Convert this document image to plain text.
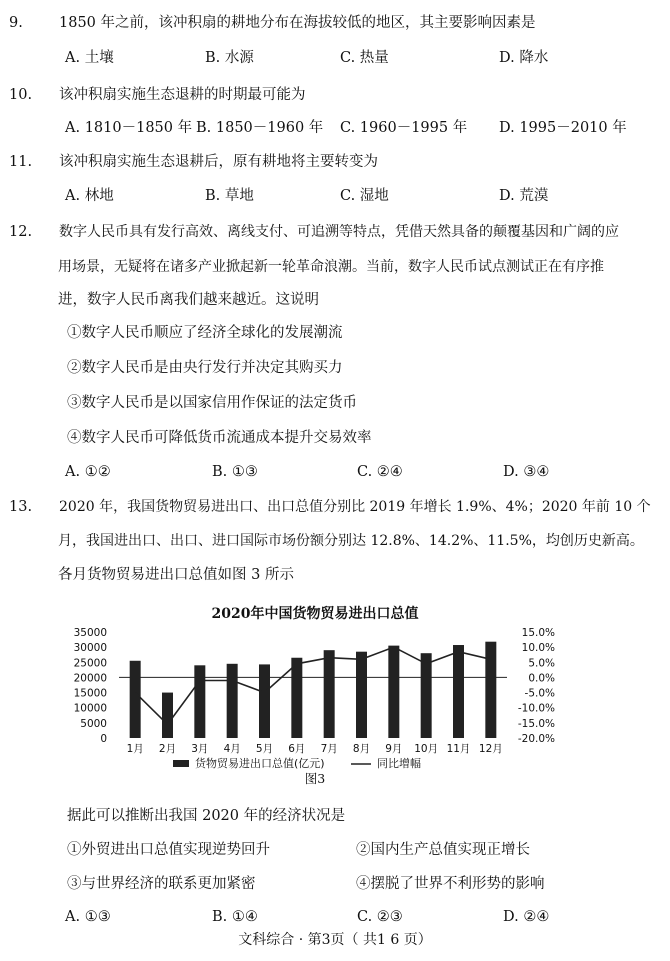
9. 1850 年之前，该冲积扇的耕地分布在海拔较低的地区，其主要影响因素是
A. 土壤	B. 水源	C. 热量	D. 降水
10. 该冲积扇实施生态退耕的时期最可能为
A. 1810－1850 年 B. 1850－1960 年 C. 1960－1995 年 D. 1995－2010 年
11. 该冲积扇实施生态退耕后，原有耕地将主要转变为
A. 林地	B. 草地	C. 湿地	D. 荒漠
12. 数字人民币具有发行高效、离线支付、可追溯等特点，凭借天然具备的颠覆基因和广阔的应
用场景，无疑将在诸多产业掀起新一轮革命浪潮。当前，数字人民币试点测试正在有序推
进，数字人民币离我们越来越近。这说明
①数字人民币顺应了经济全球化的发展潮流
②数字人民币是由央行发行并决定其购买力
③数字人民币是以国家信用作保证的法定货币
④数字人民币可降低货币流通成本提升交易效率
A. ①②	B. ①③	C. ②④	D. ③④
13. 2020 年，我国货物贸易进出口、出口总值分别比 2019 年增长 1.9%、4%；2020 年前 10 个
月，我国进出口、出口、进口国际市场份额分别达 12.8%、14.2%、11.5%，均创历史新高。
各月货物贸易进出口总值如图 3 所示
2020年中国货物贸易进出口总值
0
5000
10000
15000
20000
25000
30000
35000
-20.0%
-15.0%
-10.0%
-5.0%
0.0%
5.0%
10.0%
15.0%
1月 2月 3月 4月 5月 6月 7月 8月 9月 10月 11月 12月
货物贸易进出口总值(亿元)	同比增幅
图3
据此可以推断出我国 2020 年的经济状况是
①外贸进出口总值实现逆势回升	②国内生产总值实现正增长
③与世界经济的联系更加紧密	④摆脱了世界不利形势的影响
A. ①③	B. ①④	C. ②③	D. ②④
文科综合 · 第3页（ 共1 6 页）
